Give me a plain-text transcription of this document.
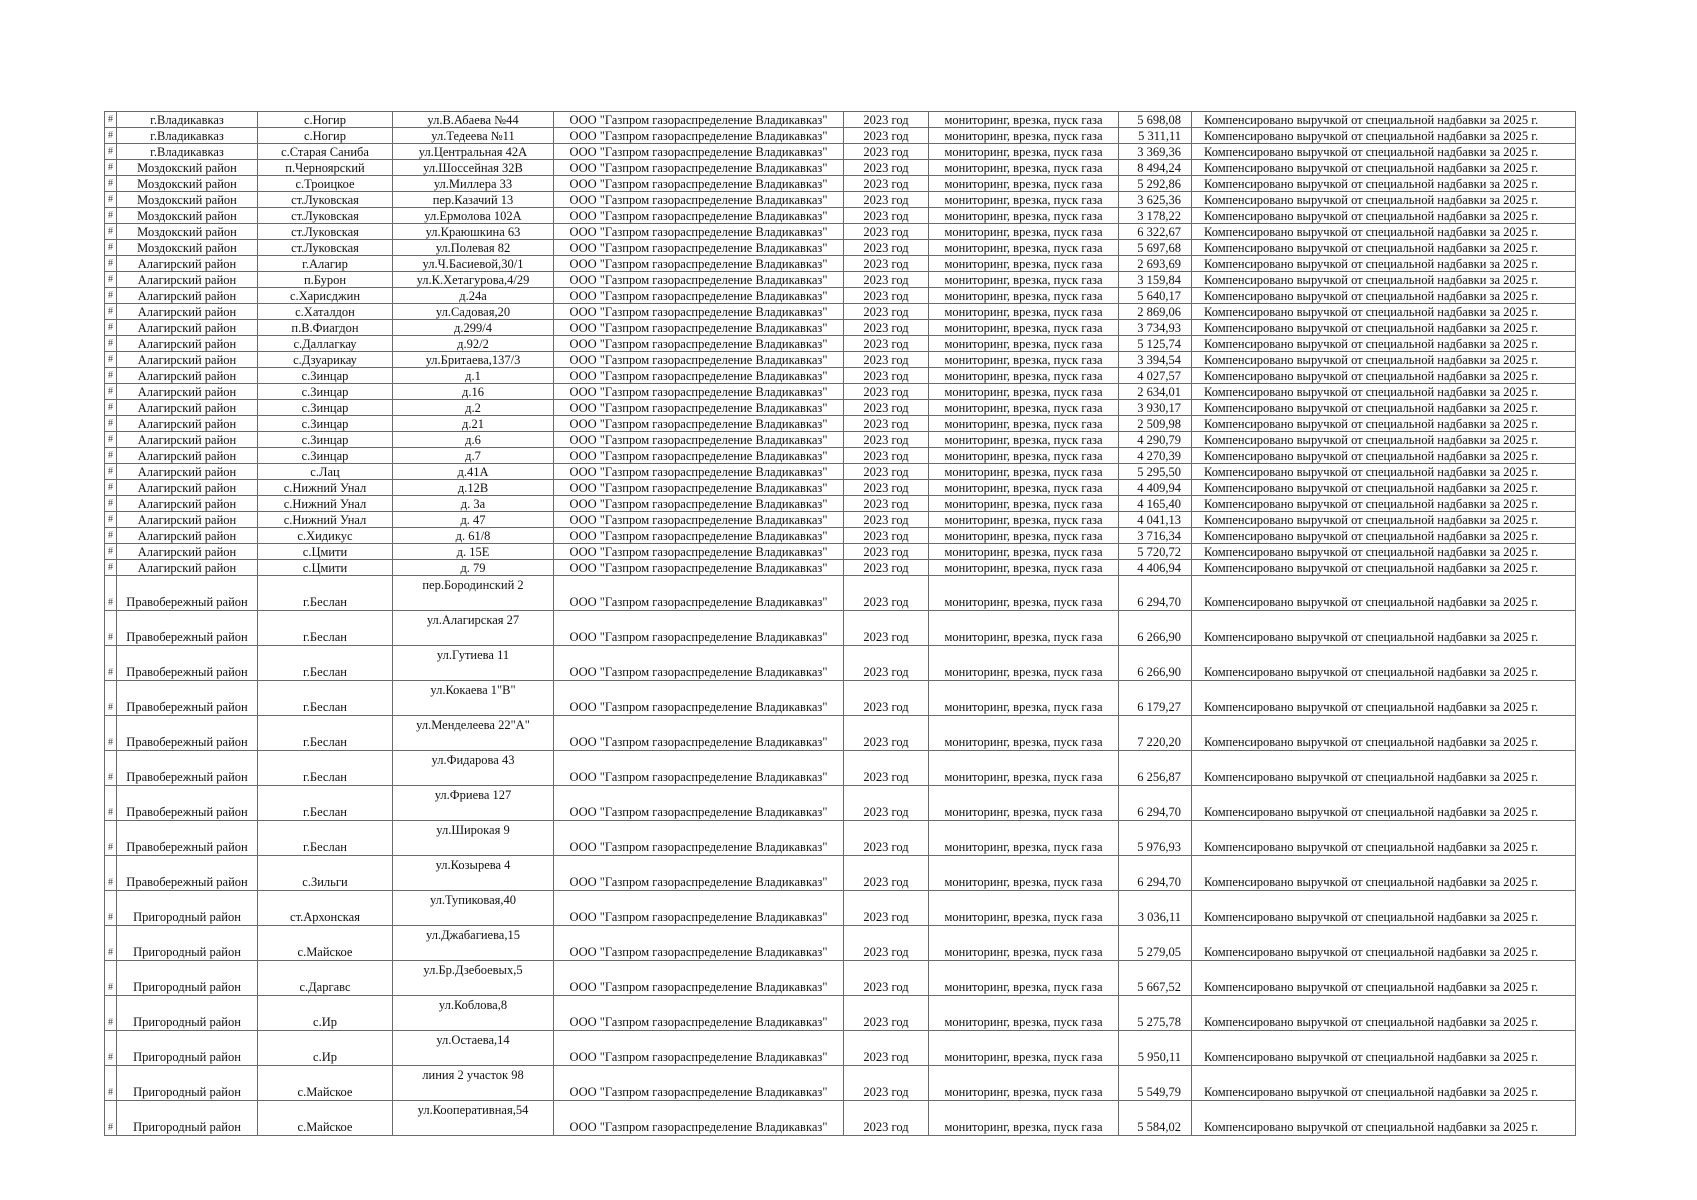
#	г.Владикавказ	с.Ногир	ул.В.Абаева №44	ООО "Газпром газораспределение Владикавказ"	2023 год	мониторинг, врезка, пуск газа	5 698,08	Компенсировано выручкой от специальной надбавки за 2025 г.
#	г.Владикавказ	с.Ногир	ул.Тедеева №11	ООО "Газпром газораспределение Владикавказ"	2023 год	мониторинг, врезка, пуск газа	5 311,11	Компенсировано выручкой от специальной надбавки за 2025 г.
#	г.Владикавказ	с.Старая Саниба	ул.Центральная 42А	ООО "Газпром газораспределение Владикавказ"	2023 год	мониторинг, врезка, пуск газа	3 369,36	Компенсировано выручкой от специальной надбавки за 2025 г.
#	Моздокский район	п.Черноярский	ул.Шоссейная 32В	ООО "Газпром газораспределение Владикавказ"	2023 год	мониторинг, врезка, пуск газа	8 494,24	Компенсировано выручкой от специальной надбавки за 2025 г.
#	Моздокский район	с.Троицкое	ул.Миллера 33	ООО "Газпром газораспределение Владикавказ"	2023 год	мониторинг, врезка, пуск газа	5 292,86	Компенсировано выручкой от специальной надбавки за 2025 г.
#	Моздокский район	ст.Луковская	пер.Казачий 13	ООО "Газпром газораспределение Владикавказ"	2023 год	мониторинг, врезка, пуск газа	3 625,36	Компенсировано выручкой от специальной надбавки за 2025 г.
#	Моздокский район	ст.Луковская	ул.Ермолова 102А	ООО "Газпром газораспределение Владикавказ"	2023 год	мониторинг, врезка, пуск газа	3 178,22	Компенсировано выручкой от специальной надбавки за 2025 г.
#	Моздокский район	ст.Луковская	ул.Краюшкина 63	ООО "Газпром газораспределение Владикавказ"	2023 год	мониторинг, врезка, пуск газа	6 322,67	Компенсировано выручкой от специальной надбавки за 2025 г.
#	Моздокский район	ст.Луковская	ул.Полевая 82	ООО "Газпром газораспределение Владикавказ"	2023 год	мониторинг, врезка, пуск газа	5 697,68	Компенсировано выручкой от специальной надбавки за 2025 г.
#	Алагирский район	г.Алагир	ул.Ч.Басиевой,30/1	ООО "Газпром газораспределение Владикавказ"	2023 год	мониторинг, врезка, пуск газа	2 693,69	Компенсировано выручкой от специальной надбавки за 2025 г.
#	Алагирский район	п.Бурон	ул.К.Хетагурова,4/29	ООО "Газпром газораспределение Владикавказ"	2023 год	мониторинг, врезка, пуск газа	3 159,84	Компенсировано выручкой от специальной надбавки за 2025 г.
#	Алагирский район	с.Харисджин	д.24а	ООО "Газпром газораспределение Владикавказ"	2023 год	мониторинг, врезка, пуск газа	5 640,17	Компенсировано выручкой от специальной надбавки за 2025 г.
#	Алагирский район	с.Хаталдон	ул.Садовая,20	ООО "Газпром газораспределение Владикавказ"	2023 год	мониторинг, врезка, пуск газа	2 869,06	Компенсировано выручкой от специальной надбавки за 2025 г.
#	Алагирский район	п.В.Фиагдон	д.299/4	ООО "Газпром газораспределение Владикавказ"	2023 год	мониторинг, врезка, пуск газа	3 734,93	Компенсировано выручкой от специальной надбавки за 2025 г.
#	Алагирский район	с.Даллагкау	д.92/2	ООО "Газпром газораспределение Владикавказ"	2023 год	мониторинг, врезка, пуск газа	5 125,74	Компенсировано выручкой от специальной надбавки за 2025 г.
#	Алагирский район	с.Дзуарикау	ул.Бритаева,137/3	ООО "Газпром газораспределение Владикавказ"	2023 год	мониторинг, врезка, пуск газа	3 394,54	Компенсировано выручкой от специальной надбавки за 2025 г.
#	Алагирский район	с.Зинцар	д.1	ООО "Газпром газораспределение Владикавказ"	2023 год	мониторинг, врезка, пуск газа	4 027,57	Компенсировано выручкой от специальной надбавки за 2025 г.
#	Алагирский район	с.Зинцар	д.16	ООО "Газпром газораспределение Владикавказ"	2023 год	мониторинг, врезка, пуск газа	2 634,01	Компенсировано выручкой от специальной надбавки за 2025 г.
#	Алагирский район	с.Зинцар	д.2	ООО "Газпром газораспределение Владикавказ"	2023 год	мониторинг, врезка, пуск газа	3 930,17	Компенсировано выручкой от специальной надбавки за 2025 г.
#	Алагирский район	с.Зинцар	д.21	ООО "Газпром газораспределение Владикавказ"	2023 год	мониторинг, врезка, пуск газа	2 509,98	Компенсировано выручкой от специальной надбавки за 2025 г.
#	Алагирский район	с.Зинцар	д.6	ООО "Газпром газораспределение Владикавказ"	2023 год	мониторинг, врезка, пуск газа	4 290,79	Компенсировано выручкой от специальной надбавки за 2025 г.
#	Алагирский район	с.Зинцар	д.7	ООО "Газпром газораспределение Владикавказ"	2023 год	мониторинг, врезка, пуск газа	4 270,39	Компенсировано выручкой от специальной надбавки за 2025 г.
#	Алагирский район	с.Лац	д.41А	ООО "Газпром газораспределение Владикавказ"	2023 год	мониторинг, врезка, пуск газа	5 295,50	Компенсировано выручкой от специальной надбавки за 2025 г.
#	Алагирский район	с.Нижний Унал	д.12В	ООО "Газпром газораспределение Владикавказ"	2023 год	мониторинг, врезка, пуск газа	4 409,94	Компенсировано выручкой от специальной надбавки за 2025 г.
#	Алагирский район	с.Нижний Унал	д. 3а	ООО "Газпром газораспределение Владикавказ"	2023 год	мониторинг, врезка, пуск газа	4 165,40	Компенсировано выручкой от специальной надбавки за 2025 г.
#	Алагирский район	с.Нижний Унал	д. 47	ООО "Газпром газораспределение Владикавказ"	2023 год	мониторинг, врезка, пуск газа	4 041,13	Компенсировано выручкой от специальной надбавки за 2025 г.
#	Алагирский район	с.Хидикус	д. 61/8	ООО "Газпром газораспределение Владикавказ"	2023 год	мониторинг, врезка, пуск газа	3 716,34	Компенсировано выручкой от специальной надбавки за 2025 г.
#	Алагирский район	с.Цмити	д. 15Е	ООО "Газпром газораспределение Владикавказ"	2023 год	мониторинг, врезка, пуск газа	5 720,72	Компенсировано выручкой от специальной надбавки за 2025 г.
#	Алагирский район	с.Цмити	д. 79	ООО "Газпром газораспределение Владикавказ"	2023 год	мониторинг, врезка, пуск газа	4 406,94	Компенсировано выручкой от специальной надбавки за 2025 г.
#	Правобережный район	г.Беслан	пер.Бородинский 2	ООО "Газпром газораспределение Владикавказ"	2023 год	мониторинг, врезка, пуск газа	6 294,70	Компенсировано выручкой от специальной надбавки за 2025 г.
#	Правобережный район	г.Беслан	ул.Алагирская 27	ООО "Газпром газораспределение Владикавказ"	2023 год	мониторинг, врезка, пуск газа	6 266,90	Компенсировано выручкой от специальной надбавки за 2025 г.
#	Правобережный район	г.Беслан	ул.Гутиева 11	ООО "Газпром газораспределение Владикавказ"	2023 год	мониторинг, врезка, пуск газа	6 266,90	Компенсировано выручкой от специальной надбавки за 2025 г.
#	Правобережный район	г.Беслан	ул.Кокаева 1"В"	ООО "Газпром газораспределение Владикавказ"	2023 год	мониторинг, врезка, пуск газа	6 179,27	Компенсировано выручкой от специальной надбавки за 2025 г.
#	Правобережный район	г.Беслан	ул.Менделеева 22"А"	ООО "Газпром газораспределение Владикавказ"	2023 год	мониторинг, врезка, пуск газа	7 220,20	Компенсировано выручкой от специальной надбавки за 2025 г.
#	Правобережный район	г.Беслан	ул.Фидарова 43	ООО "Газпром газораспределение Владикавказ"	2023 год	мониторинг, врезка, пуск газа	6 256,87	Компенсировано выручкой от специальной надбавки за 2025 г.
#	Правобережный район	г.Беслан	ул.Фриева 127	ООО "Газпром газораспределение Владикавказ"	2023 год	мониторинг, врезка, пуск газа	6 294,70	Компенсировано выручкой от специальной надбавки за 2025 г.
#	Правобережный район	г.Беслан	ул.Широкая 9	ООО "Газпром газораспределение Владикавказ"	2023 год	мониторинг, врезка, пуск газа	5 976,93	Компенсировано выручкой от специальной надбавки за 2025 г.
#	Правобережный район	с.Зильги	ул.Козырева 4	ООО "Газпром газораспределение Владикавказ"	2023 год	мониторинг, врезка, пуск газа	6 294,70	Компенсировано выручкой от специальной надбавки за 2025 г.
#	Пригородный район	ст.Архонская	ул.Тупиковая,40	ООО "Газпром газораспределение Владикавказ"	2023 год	мониторинг, врезка, пуск газа	3 036,11	Компенсировано выручкой от специальной надбавки за 2025 г.
#	Пригородный район	с.Майское	ул.Джабагиева,15	ООО "Газпром газораспределение Владикавказ"	2023 год	мониторинг, врезка, пуск газа	5 279,05	Компенсировано выручкой от специальной надбавки за 2025 г.
#	Пригородный район	с.Даргавс	ул.Бр.Дзебоевых,5	ООО "Газпром газораспределение Владикавказ"	2023 год	мониторинг, врезка, пуск газа	5 667,52	Компенсировано выручкой от специальной надбавки за 2025 г.
#	Пригородный район	с.Ир	ул.Коблова,8	ООО "Газпром газораспределение Владикавказ"	2023 год	мониторинг, врезка, пуск газа	5 275,78	Компенсировано выручкой от специальной надбавки за 2025 г.
#	Пригородный район	с.Ир	ул.Остаева,14	ООО "Газпром газораспределение Владикавказ"	2023 год	мониторинг, врезка, пуск газа	5 950,11	Компенсировано выручкой от специальной надбавки за 2025 г.
#	Пригородный район	с.Майское	линия 2 участок 98	ООО "Газпром газораспределение Владикавказ"	2023 год	мониторинг, врезка, пуск газа	5 549,79	Компенсировано выручкой от специальной надбавки за 2025 г.
#	Пригородный район	с.Майское	ул.Кооперативная,54	ООО "Газпром газораспределение Владикавказ"	2023 год	мониторинг, врезка, пуск газа	5 584,02	Компенсировано выручкой от специальной надбавки за 2025 г.
